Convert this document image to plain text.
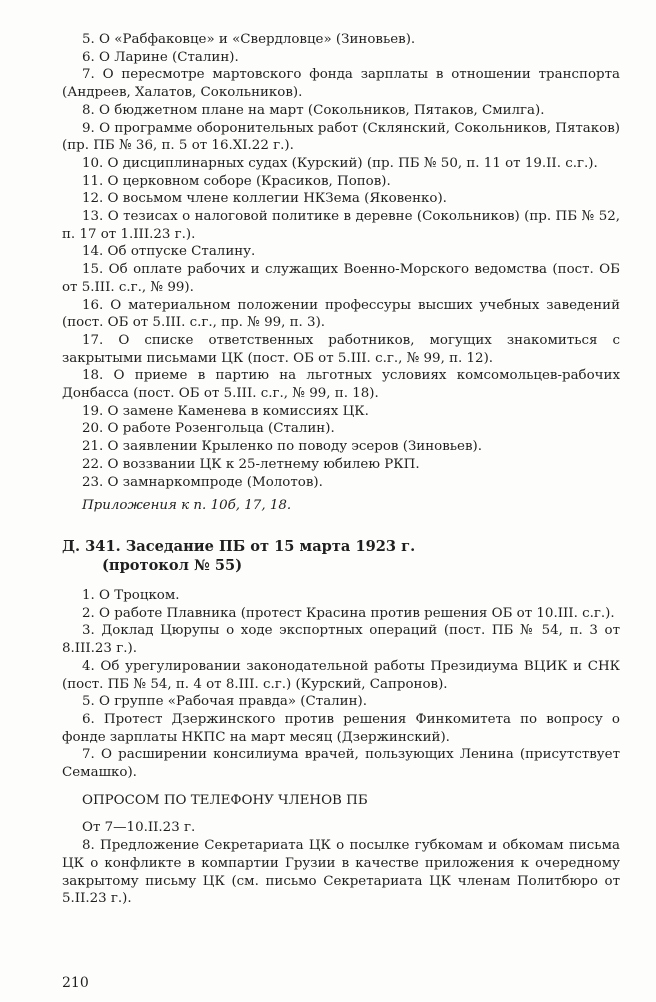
5. О «Рабфаковце» и «Свердловце» (Зиновьев).

6. О Ларине (Сталин).

7. О пересмотре мартовского фонда зарплаты в отношении транспорта (Андреев, Халатов, Сокольников).

8. О бюджетном плане на март (Сокольников, Пятаков, Смилга).

9. О программе оборонительных работ (Склянский, Сокольников, Пятаков) (пр. ПБ № 36, п. 5 от 16.XI.22 г.).

10. О дисциплинарных судах (Курский) (пр. ПБ № 50, п. 11 от 19.II. с.г.).

11. О церковном соборе (Красиков, Попов).

12. О восьмом члене коллегии НКЗема (Яковенко).

13. О тезисах о налоговой политике в деревне (Сокольников) (пр. ПБ № 52, п. 17 от 1.III.23 г.).

14. Об отпуске Сталину.

15. Об оплате рабочих и служащих Военно-Морского ведомства (пост. ОБ от 5.III. с.г., № 99).

16. О материальном положении профессуры высших учебных заведений (пост. ОБ от 5.III. с.г., пр. № 99, п. 3).

17. О списке ответственных работников, могущих знакомиться с закрытыми письмами ЦК (пост. ОБ от 5.III. с.г., № 99, п. 12).

18. О приеме в партию на льготных условиях комсомольцев-рабочих Донбасса (пост. ОБ от 5.III. с.г., № 99, п. 18).

19. О замене Каменева в комиссиях ЦК.

20. О работе Розенгольца (Сталин).

21. О заявлении Крыленко по поводу эсеров (Зиновьев).

22. О воззвании ЦК к 25-летнему юбилею РКП.

23. О замнаркомпроде (Молотов).

Приложения к п. 10б, 17, 18.

Д. 341. Заседание ПБ от 15 марта 1923 г.
(протокол № 55)

1. О Троцком.

2. О работе Плавника (протест Красина против решения ОБ от 10.III. с.г.).

3. Доклад Цюрупы о ходе экспортных операций (пост. ПБ № 54, п. 3 от 8.III.23 г.).

4. Об урегулировании законодательной работы Президиума ВЦИК и СНК (пост. ПБ № 54, п. 4 от 8.III. с.г.) (Курский, Сапронов).

5. О группе «Рабочая правда» (Сталин).

6. Протест Дзержинского против решения Финкомитета по вопросу о фонде зарплаты НКПС на март месяц (Дзержинский).

7. О расширении консилиума врачей, пользующих Ленина (присутствует Семашко).

ОПРОСОМ ПО ТЕЛЕФОНУ ЧЛЕНОВ ПБ

От 7—10.II.23 г.

8. Предложение Секретариата ЦК о посылке губкомам и обкомам письма ЦК о конфликте в компартии Грузии в качестве приложения к очередному закрытому письму ЦК (см. письмо Секретариата ЦК членам Политбюро от 5.II.23 г.).

210
